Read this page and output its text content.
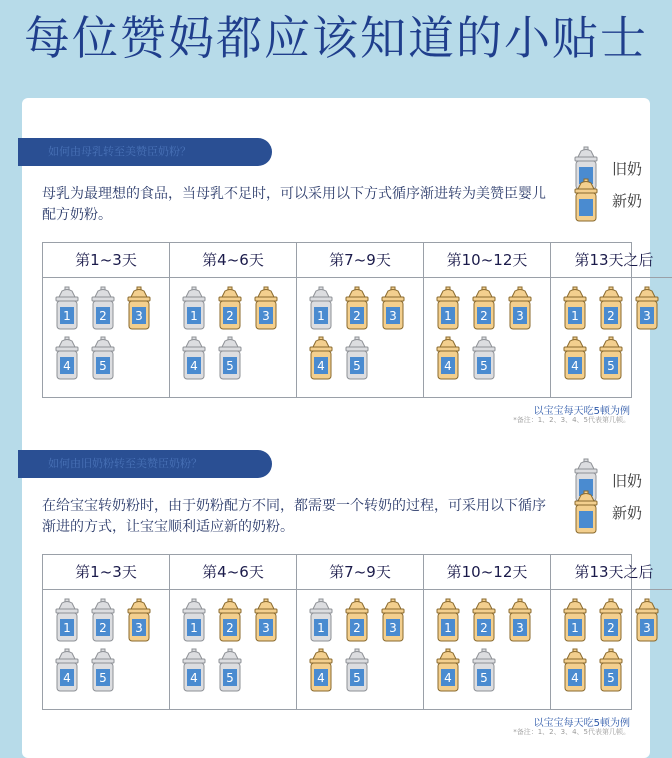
每位赞妈都应该知道的小贴士
如何由母乳转至美赞臣奶粉？
母乳为最理想的食品，当母乳不足时，可以采用以下方式循序渐进转为美赞臣婴儿配方奶粉。
旧奶
新奶
第1~3天
1 2 3
4 5
第4~6天
1 2 3
4 5
第7~9天
1 2 3
4 5
第10~12天
1 2 3
4 5
第13天之后
1 2 3
4 5
以宝宝每天吃5顿为例
*备注：1、2、3、4、5代表第几顿。
如何由旧奶粉转至美赞臣奶粉？
在给宝宝转奶粉时，由于奶粉配方不同，都需要一个转奶的过程，可采用以下循序渐进的方式，让宝宝顺利适应新的奶粉。
旧奶
新奶
第1~3天
1 2 3
4 5
第4~6天
1 2 3
4 5
第7~9天
1 2 3
4 5
第10~12天
1 2 3
4 5
第13天之后
1 2 3
4 5
以宝宝每天吃5顿为例
*备注：1、2、3、4、5代表第几顿。
